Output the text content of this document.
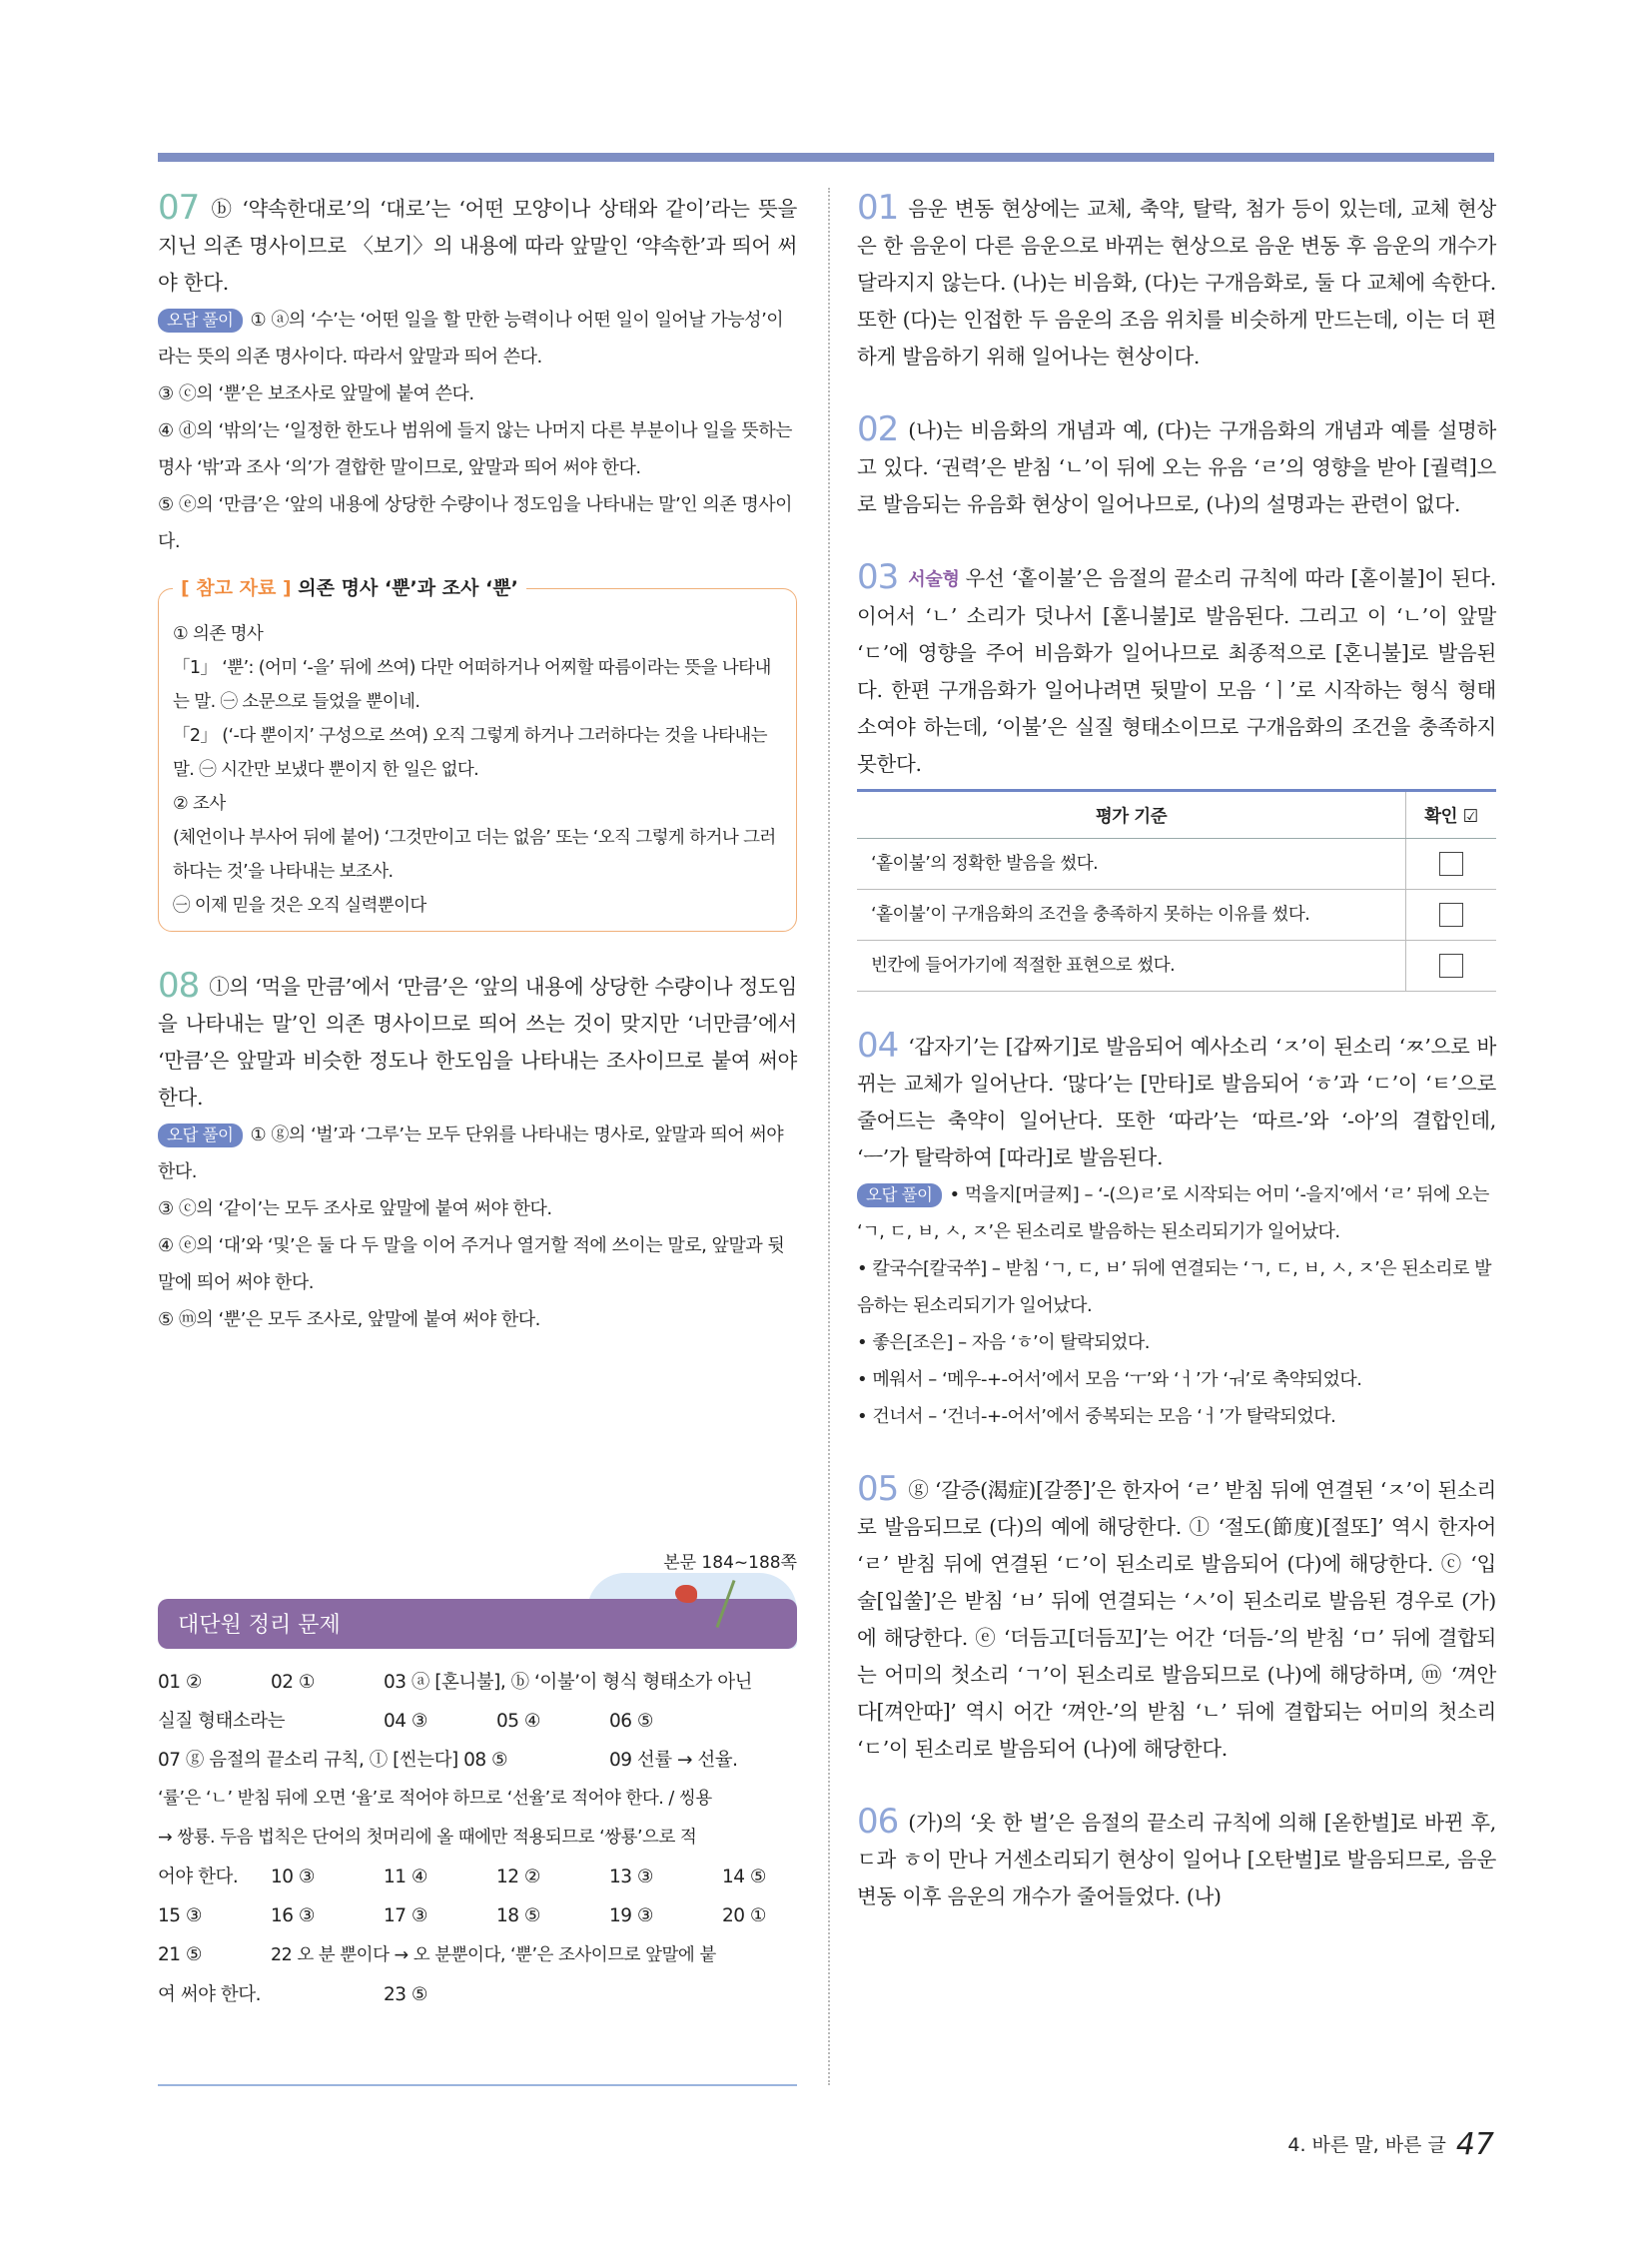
07 ⓑ ‘약속한대로’의 ‘대로’는 ‘어떤 모양이나 상태와 같이’라는 뜻을 지닌 의존 명사이므로 〈보기〉의 내용에 따라 앞말인 ‘약속한’과 띄어 써야 한다.
오답 풀이 ① ⓐ의 ‘수’는 ‘어떤 일을 할 만한 능력이나 어떤 일이 일어날 가능성’이라는 뜻의 의존 명사이다. 따라서 앞말과 띄어 쓴다.
③ ⓒ의 ‘뿐’은 보조사로 앞말에 붙여 쓴다.
④ ⓓ의 ‘밖의’는 ‘일정한 한도나 범위에 들지 않는 나머지 다른 부분이나 일을 뜻하는 명사 ‘밖’과 조사 ‘의’가 결합한 말이므로, 앞말과 띄어 써야 한다.
⑤ ⓔ의 ‘만큼’은 ‘앞의 내용에 상당한 수량이나 정도임을 나타내는 말’인 의존 명사이다.
[ 참고 자료 ] 의존 명사 ‘뿐’과 조사 ‘뿐’
① 의존 명사
「1」 ‘뿐’: (어미 ‘-을’ 뒤에 쓰여) 다만 어떠하거나 어찌할 따름이라는 뜻을 나타내는 말. ㊀ 소문으로 들었을 뿐이네.
「2」 (‘-다 뿐이지’ 구성으로 쓰여) 오직 그렇게 하거나 그러하다는 것을 나타내는 말. ㊀ 시간만 보냈다 뿐이지 한 일은 없다.
② 조사
(체언이나 부사어 뒤에 붙어) ‘그것만이고 더는 없음’ 또는 ‘오직 그렇게 하거나 그러하다는 것’을 나타내는 보조사.
㊀ 이제 믿을 것은 오직 실력뿐이다
08 ⓛ의 ‘먹을 만큼’에서 ‘만큼’은 ‘앞의 내용에 상당한 수량이나 정도임을 나타내는 말’인 의존 명사이므로 띄어 쓰는 것이 맞지만 ‘너만큼’에서 ‘만큼’은 앞말과 비슷한 정도나 한도임을 나타내는 조사이므로 붙여 써야 한다.
오답 풀이 ① ⓖ의 ‘벌’과 ‘그루’는 모두 단위를 나타내는 명사로, 앞말과 띄어 써야 한다.
③ ⓒ의 ‘같이’는 모두 조사로 앞말에 붙여 써야 한다.
④ ⓔ의 ‘대’와 ‘및’은 둘 다 두 말을 이어 주거나 열거할 적에 쓰이는 말로, 앞말과 뒷말에 띄어 써야 한다.
⑤ ⓜ의 ‘뿐’은 모두 조사로, 앞말에 붙여 써야 한다.
본문 184~188쪽
대단원 정리 문제
01 ②	02 ①	03 ⓐ [혼니불], ⓑ ‘이불’이 형식 형태소가 아닌
실질 형태소라는	04 ③	05 ④	06 ⑤
07 ⓖ 음절의 끝소리 규칙, ⓛ [씬는다] 08 ⑤	09 선률 → 선율.
‘률’은 ‘ㄴ’ 받침 뒤에 오면 ‘율’로 적어야 하므로 ‘선율’로 적어야 한다. / 씽용
→ 쌍룡. 두음 법칙은 단어의 첫머리에 올 때에만 적용되므로 ‘쌍룡’으로 적
어야 한다. 10 ③	11 ④	12 ②	13 ③	14 ⑤
15 ③	16 ③	17 ③	18 ⑤	19 ③	20 ①
21 ⑤	22 오 분 뿐이다 → 오 분뿐이다, ‘뿐’은 조사이므로 앞말에 붙
여 써야 한다.	23 ⑤
01 음운 변동 현상에는 교체, 축약, 탈락, 첨가 등이 있는데, 교체 현상은 한 음운이 다른 음운으로 바뀌는 현상으로 음운 변동 후 음운의 개수가 달라지지 않는다. (나)는 비음화, (다)는 구개음화로, 둘 다 교체에 속한다. 또한 (다)는 인접한 두 음운의 조음 위치를 비슷하게 만드는데, 이는 더 편하게 발음하기 위해 일어나는 현상이다.
02 (나)는 비음화의 개념과 예, (다)는 구개음화의 개념과 예를 설명하고 있다. ‘권력’은 받침 ‘ㄴ’이 뒤에 오는 유음 ‘ㄹ’의 영향을 받아 [궐력]으로 발음되는 유음화 현상이 일어나므로, (나)의 설명과는 관련이 없다.
03 서술형 우선 ‘홑이불’은 음절의 끝소리 규칙에 따라 [혿이불]이 된다. 이어서 ‘ㄴ’ 소리가 덧나서 [혿니불]로 발음된다. 그리고 이 ‘ㄴ’이 앞말 ‘ㄷ’에 영향을 주어 비음화가 일어나므로 최종적으로 [혼니불]로 발음된다. 한편 구개음화가 일어나려면 뒷말이 모음 ‘ㅣ’로 시작하는 형식 형태소여야 하는데, ‘이불’은 실질 형태소이므로 구개음화의 조건을 충족하지 못한다.
평가 기준	확인 ☑
‘홑이불’의 정확한 발음을 썼다.	
‘홑이불’이 구개음화의 조건을 충족하지 못하는 이유를 썼다.	
빈칸에 들어가기에 적절한 표현으로 썼다.	
04 ‘갑자기’는 [갑짜기]로 발음되어 예사소리 ‘ㅈ’이 된소리 ‘ㅉ’으로 바뀌는 교체가 일어난다. ‘많다’는 [만타]로 발음되어 ‘ㅎ’과 ‘ㄷ’이 ‘ㅌ’으로 줄어드는 축약이 일어난다. 또한 ‘따라’는 ‘따르-’와 ‘-아’의 결합인데, ‘ㅡ’가 탈락하여 [따라]로 발음된다.
오답 풀이 • 먹을지[머글찌] – ‘-(으)ㄹ’로 시작되는 어미 ‘-을지’에서 ‘ㄹ’ 뒤에 오는 ‘ㄱ, ㄷ, ㅂ, ㅅ, ㅈ’은 된소리로 발음하는 된소리되기가 일어났다.
• 칼국수[칼국쑤] – 받침 ‘ㄱ, ㄷ, ㅂ’ 뒤에 연결되는 ‘ㄱ, ㄷ, ㅂ, ㅅ, ㅈ’은 된소리로 발음하는 된소리되기가 일어났다.
• 좋은[조은] – 자음 ‘ㅎ’이 탈락되었다.
• 메워서 – ‘메우-+-어서’에서 모음 ‘ㅜ’와 ‘ㅓ’가 ‘ㅝ’로 축약되었다.
• 건너서 – ‘건너-+-어서’에서 중복되는 모음 ‘ㅓ’가 탈락되었다.
05 ⓖ ‘갈증(渴症)[갈쯩]’은 한자어 ‘ㄹ’ 받침 뒤에 연결된 ‘ㅈ’이 된소리로 발음되므로 (다)의 예에 해당한다. ⓛ ‘절도(節度)[절또]’ 역시 한자어 ‘ㄹ’ 받침 뒤에 연결된 ‘ㄷ’이 된소리로 발음되어 (다)에 해당한다. ⓒ ‘입술[입쑬]’은 받침 ‘ㅂ’ 뒤에 연결되는 ‘ㅅ’이 된소리로 발음된 경우로 (가)에 해당한다. ⓔ ‘더듬고[더듬꼬]’는 어간 ‘더듬-’의 받침 ‘ㅁ’ 뒤에 결합되는 어미의 첫소리 ‘ㄱ’이 된소리로 발음되므로 (나)에 해당하며, ⓜ ‘껴안다[껴안따]’ 역시 어간 ‘껴안-’의 받침 ‘ㄴ’ 뒤에 결합되는 어미의 첫소리 ‘ㄷ’이 된소리로 발음되어 (나)에 해당한다.
06 (가)의 ‘옷 한 벌’은 음절의 끝소리 규칙에 의해 [옫한벌]로 바뀐 후, ㄷ과 ㅎ이 만나 거센소리되기 현상이 일어나 [오탄벌]로 발음되므로, 음운 변동 이후 음운의 개수가 줄어들었다. (나)
4. 바른 말, 바른 글 47
